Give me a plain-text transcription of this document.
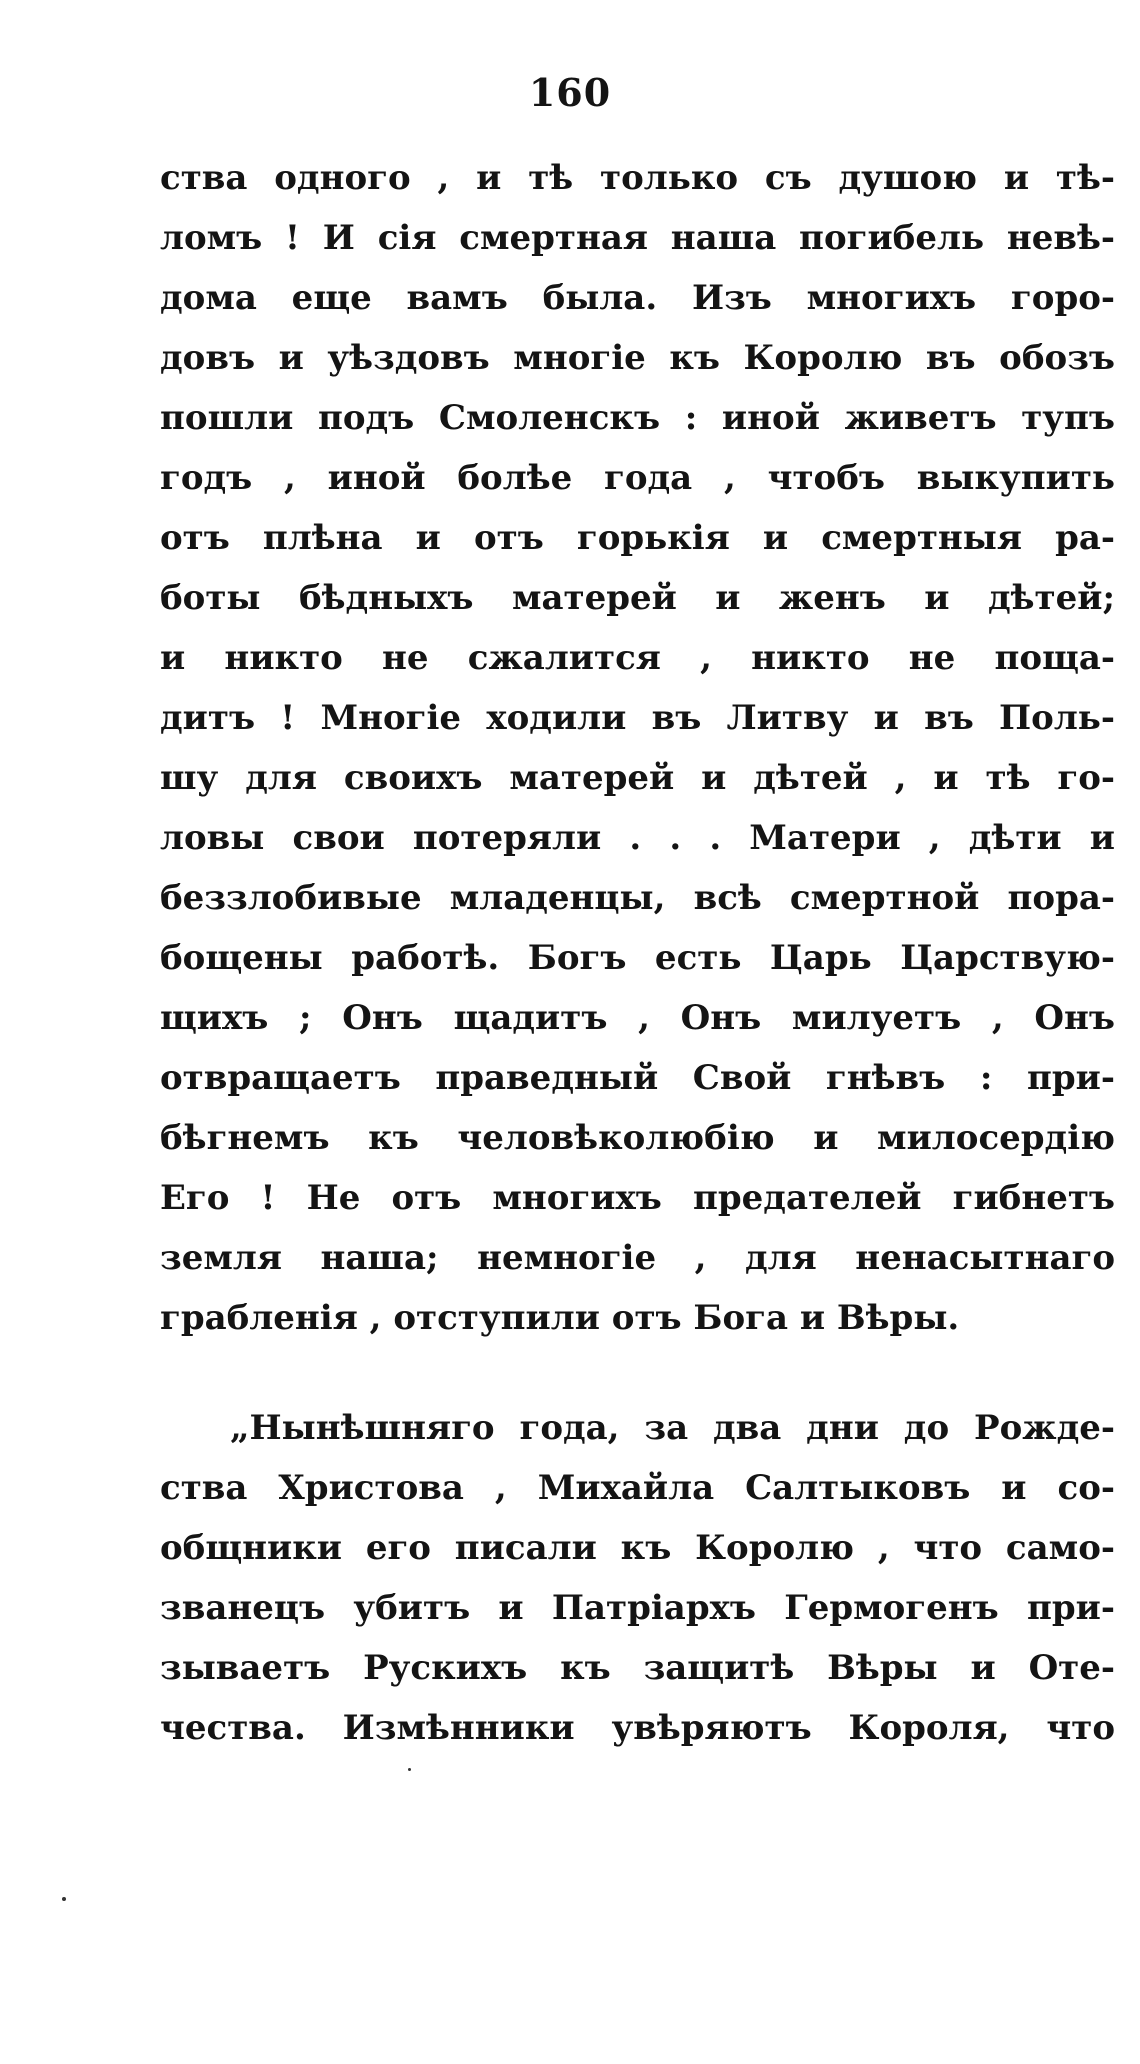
160
ства одного , и тѣ только съ душою и тѣ-
ломъ ! И сія смертная наша погибель невѣ-
дома еще вамъ была. Изъ многихъ горо-
довъ и уѣздовъ многіе къ Королю въ обозъ
пошли подъ Смоленскъ : иной живетъ тупъ
годъ , иной болѣе года , чтобъ выкупить
отъ плѣна и отъ горькія и смертныя ра-
боты бѣдныхъ матерей и женъ и дѣтей;
и никто не сжалится , никто не пощa-
дитъ ! Многіе ходили въ Литву и въ Поль-
шу для своихъ матерей и дѣтей , и тѣ го-
ловы свои потеряли . . . Матери , дѣти и
беззлобивые младенцы, всѣ смертной пора-
бощены работѣ. Богъ есть Царь Царствую-
щихъ ; Онъ щадитъ , Онъ милуетъ , Онъ
отвращаетъ праведный Свой гнѣвъ : при-
бѣгнемъ къ человѣколюбію и милосердію
Его ! Не отъ многихъ предателей гибнетъ
земля наша; немногіе , для ненасытнаго
грабленія , отступили отъ Бога и Вѣры.
„Нынѣшняго года, за два дни до Рожде-
ства Христова , Михайла Салтыковъ и со-
общники его писали къ Королю , что само-
званецъ убитъ и Патріархъ Гермогенъ при-
зываетъ Рускихъ къ защитѣ Вѣры и Оте-
чества. Измѣнники увѣряютъ Короля, что
